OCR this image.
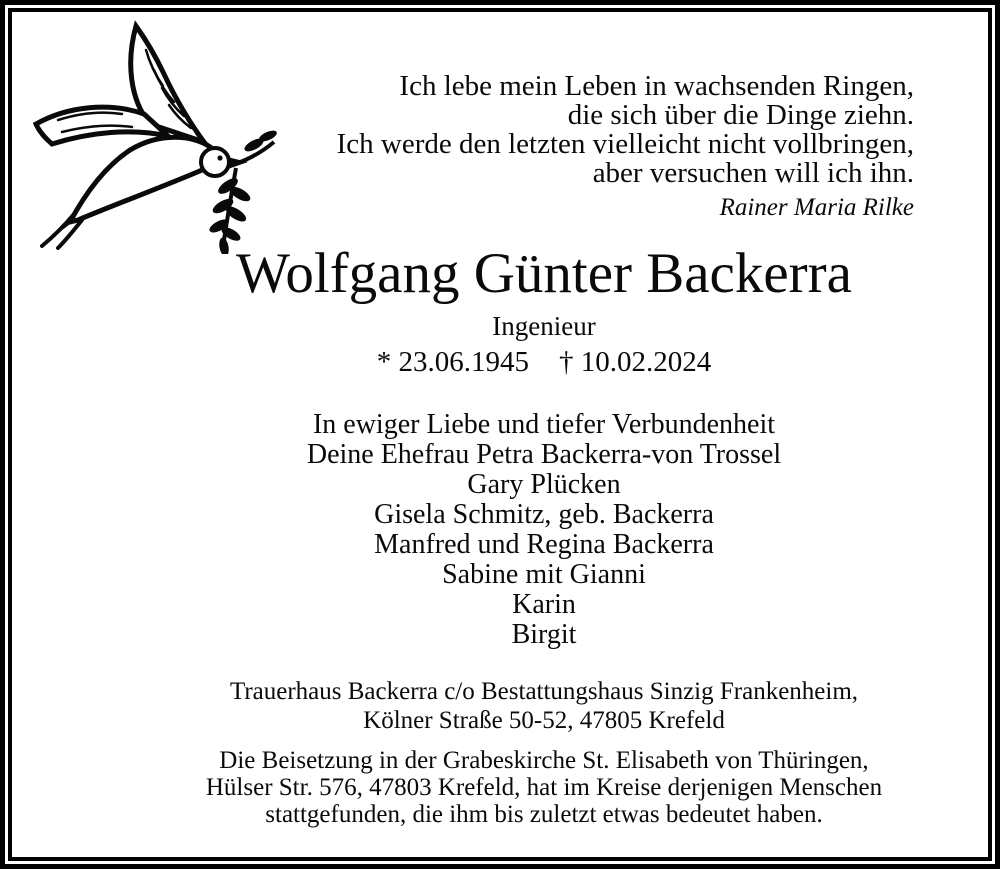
Ich lebe mein Leben in wachsenden Ringen,
die sich über die Dinge ziehn.
Ich werde den letzten vielleicht nicht vollbringen,
aber versuchen will ich ihn.
Rainer Maria Rilke
Wolfgang Günter Backerra
Ingenieur
* 23.06.1945 † 10.02.2024
In ewiger Liebe und tiefer Verbundenheit
Deine Ehefrau Petra Backerra-von Trossel
Gary Plücken
Gisela Schmitz, geb. Backerra
Manfred und Regina Backerra
Sabine mit Gianni
Karin
Birgit
Trauerhaus Backerra c/o Bestattungshaus Sinzig Frankenheim,
Kölner Straße 50-52, 47805 Krefeld
Die Beisetzung in der Grabeskirche St. Elisabeth von Thüringen,
Hülser Str. 576, 47803 Krefeld, hat im Kreise derjenigen Menschen
stattgefunden, die ihm bis zuletzt etwas bedeutet haben.
